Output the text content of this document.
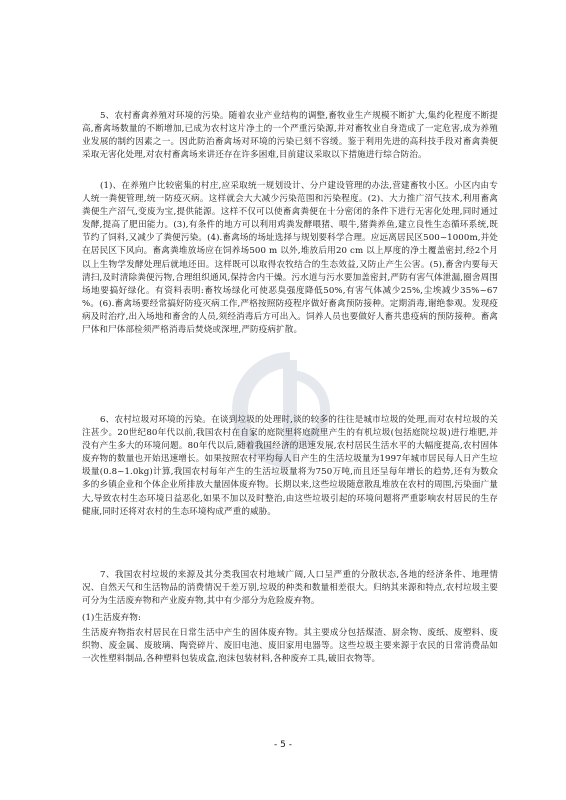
5、农村畜禽养殖对环境的污染。随着农业产业结构的调整,畜牧业生产规模不断扩大,集约化程度不断提高,畜禽场数量的不断增加,已成为农村这片净土的一个严重污染源,并对畜牧业自身造成了一定危害,成为养殖业发展的制约因素之一。因此防治畜禽场对环境的污染已刻不容缓。鉴于利用先进的高科技手段对畜禽粪便采取无害化处理,对农村畜禽场来讲还存在许多困难,目前建议采取以下措施进行综合防治。

(1)、在养殖户比较密集的村庄,应采取统一规划设计、分户建设管理的办法,营建畜牧小区。小区内由专人统一粪便管理,统一防疫灭病。这样就会大大减少污染范围和污染程度。(2)、大力推广沼气技术,利用畜禽粪便生产沼气,变废为宝,提供能源。这样不仅可以使畜禽粪便在十分密闭的条件下进行无害化处理,同时通过发酵,提高了肥田能力。(3),有条件的地方可以利用鸡粪发酵喂猪、喂牛,猪粪养鱼,建立良性生态循环系统,既节约了饲料,又减少了粪便污染。(4).畜禽场的场址选择与规划要科学合理。应远离居民区500~1000m,并处在居民区下风向。畜禽粪堆放场应在饲养场500 m 以外,堆放后用20 cm 以上厚度的净土覆盖密封,经2个月以上生物学发酵处理后就地还田。这样既可以取得农牧结合的生态效益,又防止产生公害。(5),畜舍内要每天清扫,及时清除粪便污物,合理组织通风,保持舍内干燥。污水道与污水要加盖密封,严防有害气体泄漏,圈舍周围场地要搞好绿化。有资料表明:畜牧场绿化可使恶臭强度降低50%,有害气体减少25%,尘埃减少35%~67 %。(6).畜禽场要经常搞好防疫灭病工作,严格按照防疫程序做好畜禽预防接种。定期消毒,谢绝参观。发现疫病及时治疗,出入场地和畜舍的人员,须经消毒后方可出入。饲养人员也要做好人畜共患疫病的预防接种。畜禽尸体和尸体部检须严格消毒后焚烧或深埋,严防疫病扩散。

6、农村垃圾对环境的污染。在谈到垃圾的处理时,谈的较多的往往是城市垃圾的处理,而对农村垃圾的关注甚少。20世纪80年代以前,我国农村在自家的庭院里将庭院里产生的有机垃圾(包括庭院垃圾)进行堆肥,并没有产生多大的环境问题。80年代以后,随着我国经济的迅速发展,农村居民生活水平的大幅度提高,农村固体废弃物的数量也开始迅速增长。如果按照农村平均每人日产生的生活垃圾量为1997年城市居民每人日产生垃圾量(0.8~1.0kg)计算,我国农村每年产生的生活垃圾量将为750万吨,而且还呈每年增长的趋势,还有为数众多的乡镇企业和个体企业所排放大量固体废弃物。长期以来,这些垃圾随意散乱堆放在农村的周围,污染面广量大,导致农村生态环境日益恶化,如果不加以及时整治,由这些垃圾引起的环境问题将严重影响农村居民的生存健康,同时还将对农村的生态环境构成严重的威胁。

7、我国农村垃圾的来源及其分类我国农村地域广阔,人口呈严重的分散状态,各地的经济条件、地理情况、自然天气和生活物品的消费情况千差万别,垃圾的种类和数量相差很大。归纳其来源和特点,农村垃圾主要可分为生活废弃物和产业废弃物,其中有少部分为危险废弃物。

(1)生活废弃物:

生活废弃物指农村居民在日常生活中产生的固体废弃物。其主要成分包括煤渣、厨余物、废纸、废塑料、废织物、废金属、废玻璃、陶瓷碎片、废旧电池、废旧家用电器等。这些垃圾主要来源于农民的日常消费品如一次性塑料制品,各种塑料包装成盒,泡沫包装材料,各种废弃工具,破旧衣物等。

- 5 -
